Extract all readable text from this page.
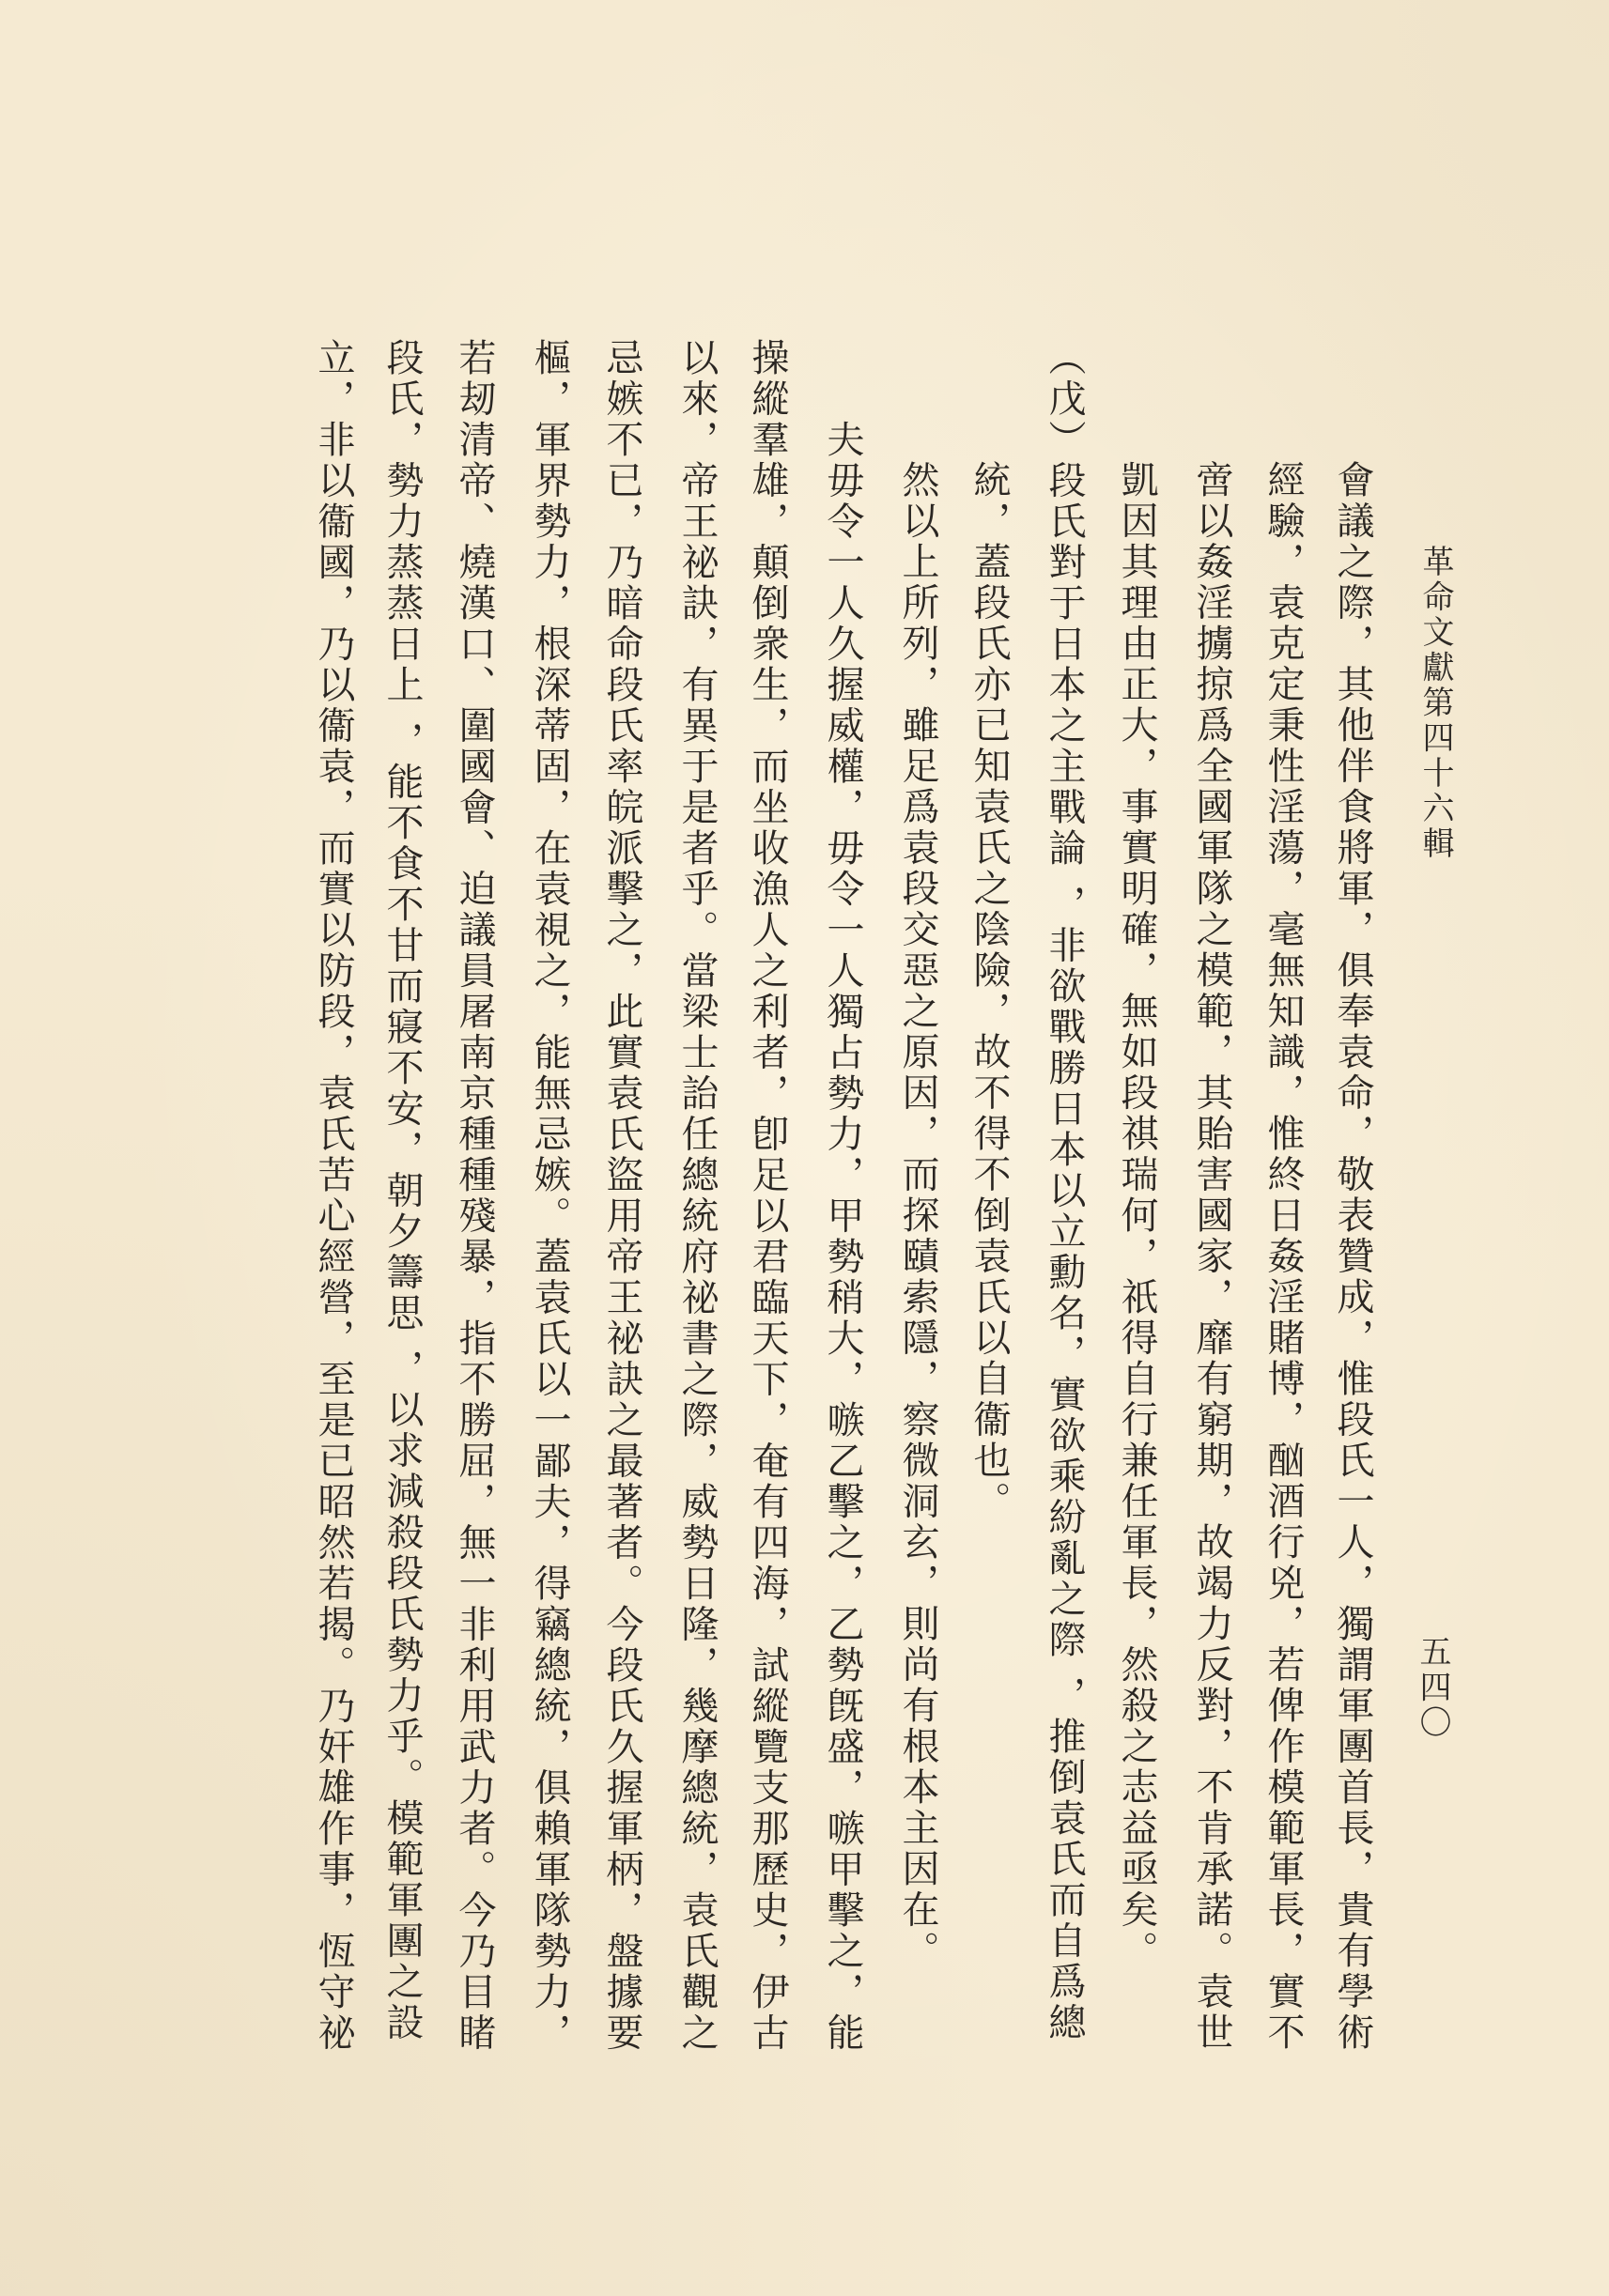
革命文獻第四十六輯
五四〇
會議之際，其他伴食將軍，俱奉袁命，敬表贊成，惟段氏一人，獨謂軍團首長，貴有學術
經驗，袁克定秉性淫蕩，毫無知識，惟終日姦淫賭博，酗酒行兇，若俾作模範軍長，實不
啻以姦淫擄掠爲全國軍隊之模範，其貽害國家，靡有窮期，故竭力反對，不肯承諾。袁世
凱因其理由正大，事實明確，無如段祺瑞何，祇得自行兼任軍長，然殺之志益亟矣。
（戊）段氏對于日本之主戰論 ，非欲戰勝日本以立勳名，實欲乘紛亂之際 ，推倒袁氏而自爲總
統，蓋段氏亦已知袁氏之陰險，故不得不倒袁氏以自衞也。
然以上所列，雖足爲袁段交惡之原因，而探賾索隱，察微洞玄，則尚有根本主因在。
夫毋令一人久握威權，毋令一人獨占勢力，甲勢稍大，嗾乙擊之，乙勢旣盛，嗾甲擊之，能
操縱羣雄，顛倒衆生，而坐收漁人之利者，卽足以君臨天下，奄有四海，試縱覽支那歷史，伊古
以來，帝王祕訣，有異于是者乎。當梁士詒任總統府祕書之際，威勢日隆，幾摩總統，袁氏觀之
忌嫉不已，乃暗命段氏率皖派擊之，此實袁氏盜用帝王祕訣之最著者。今段氏久握軍柄，盤據要
樞，軍界勢力，根深蒂固，在袁視之，能無忌嫉。蓋袁氏以一鄙夫，得竊總統，俱賴軍隊勢力，
若刼清帝、燒漢口、圍國會、迫議員屠南京種種殘暴，指不勝屈，無一非利用武力者。今乃目睹
段氏，勢力蒸蒸日上 ，能不食不甘而寢不安，朝夕籌思 ，以求減殺段氏勢力乎。模範軍團之設
立，非以衞國，乃以衞袁，而實以防段，袁氏苦心經營，至是已昭然若揭。乃奸雄作事，恆守祕
